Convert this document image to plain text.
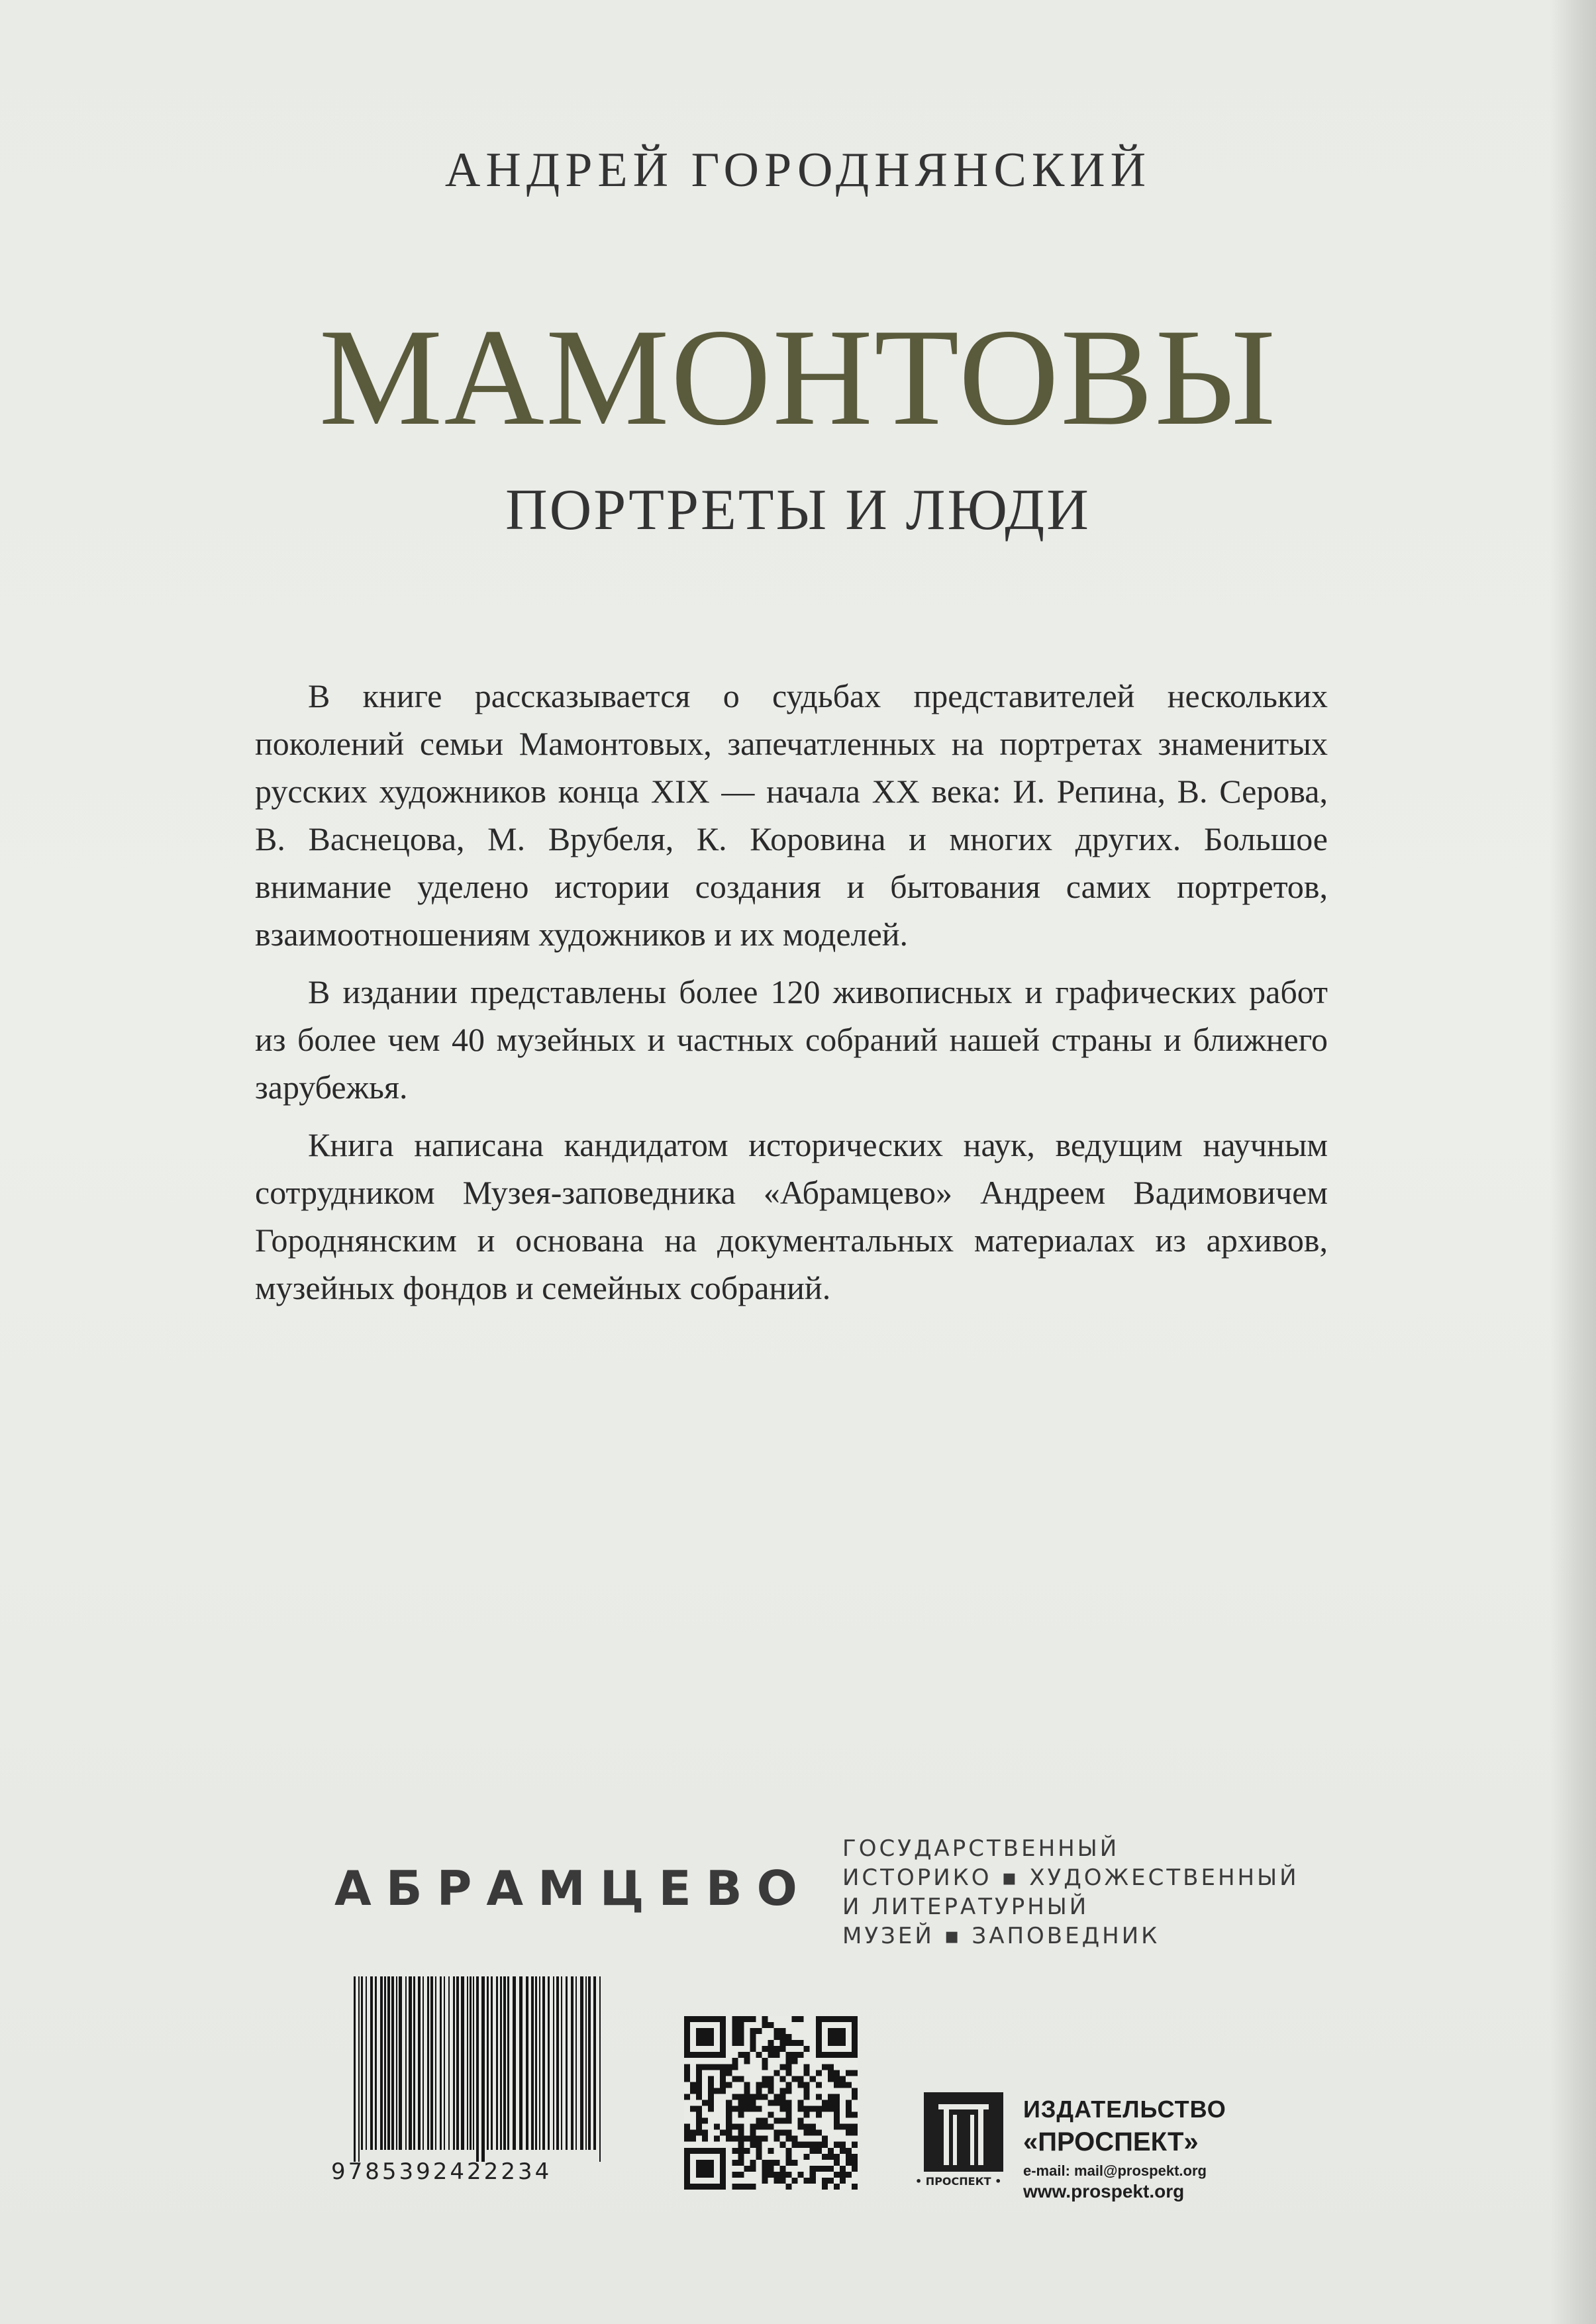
АНДРЕЙ ГОРОДНЯНСКИЙ
МАМОНТОВЫ
ПОРТРЕТЫ И ЛЮДИ

В книге рассказывается о судьбах представителей нескольких поколений семьи Мамонтовых, запечатленных на портретах знаменитых русских художников конца XIX — начала XX века: И. Репина, В. Серова, В. Васнецова, М. Врубеля, К. Коровина и многих других. Большое внимание уделено истории создания и бытования самих портретов, взаимоотношениям художников и их моделей.

В издании представлены более 120 живописных и графических работ из более чем 40 музейных и частных собраний нашей страны и ближнего зарубежья.

Книга написана кандидатом исторических наук, ведущим научным сотрудником Музея-заповедника «Абрамцево» Андреем Вадимовичем Городнянским и основана на документальных материалах из архивов, музейных фондов и семейных собраний.

АБРАМЦЕВО
ГОСУДАРСТВЕННЫЙ
ИСТОРИКО ▪ ХУДОЖЕСТВЕННЫЙ
И ЛИТЕРАТУРНЫЙ
МУЗЕЙ ▪ ЗАПОВЕДНИК
9785392422234	• ПРОСПЕКТ •
ИЗДАТЕЛЬСТВО
«ПРОСПЕКТ»
e-mail: mail@prospekt.org
www.prospekt.org
